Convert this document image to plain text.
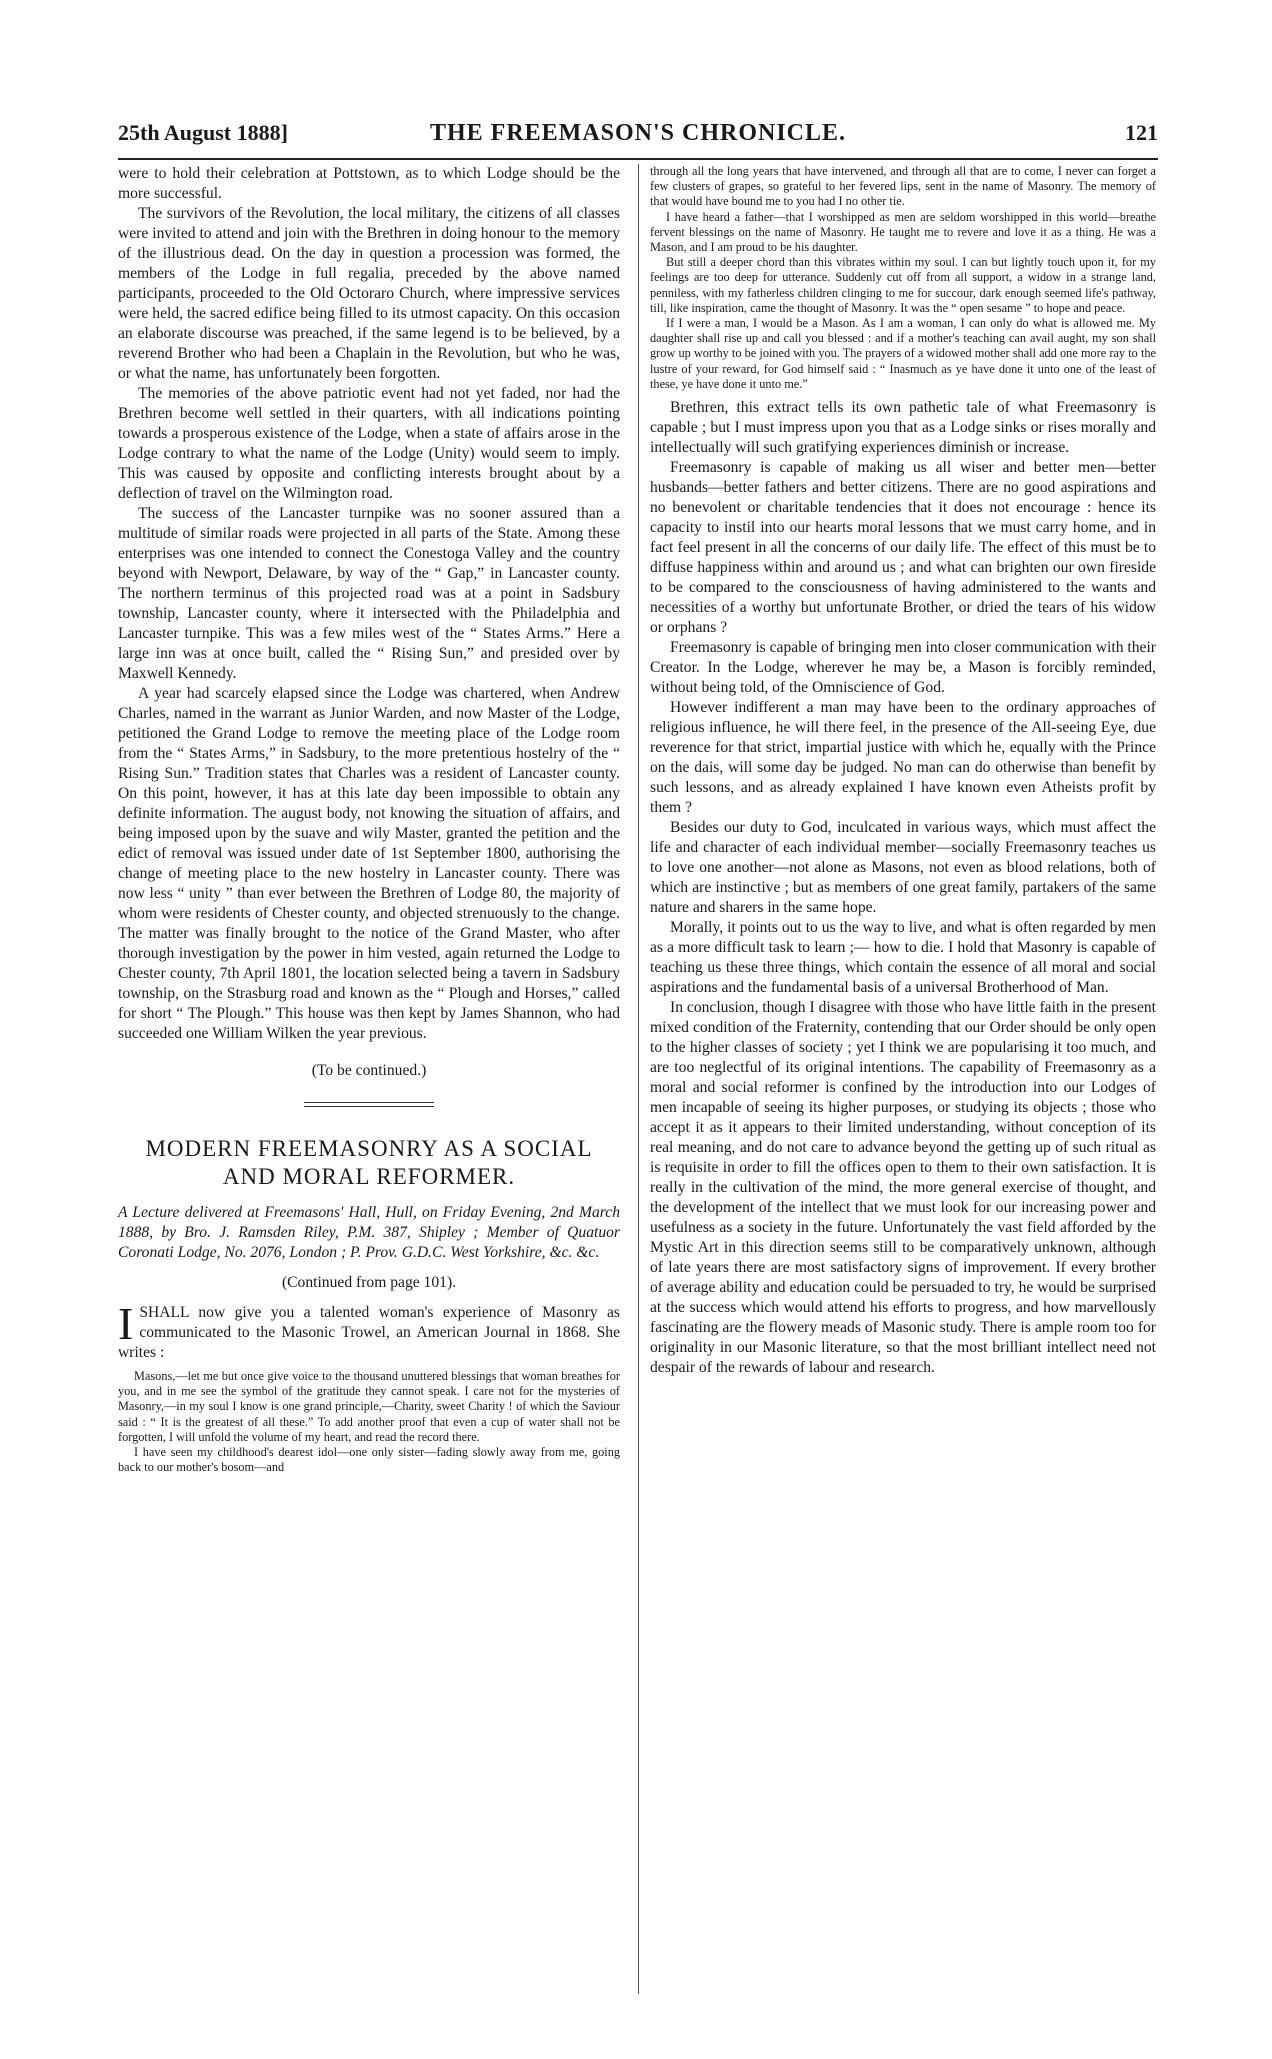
25th August 1888]	THE FREEMASON'S CHRONICLE.	121

were to hold their celebration at Pottstown, as to which Lodge should be the more successful.

The survivors of the Revolution, the local military, the citizens of all classes were invited to attend and join with the Brethren in doing honour to the memory of the illustrious dead. On the day in question a procession was formed, the members of the Lodge in full regalia, preceded by the above named participants, proceeded to the Old Octoraro Church, where impressive services were held, the sacred edifice being filled to its utmost capacity. On this occasion an elaborate discourse was preached, if the same legend is to be believed, by a reverend Brother who had been a Chaplain in the Revolution, but who he was, or what the name, has unfortunately been forgotten.

The memories of the above patriotic event had not yet faded, nor had the Brethren become well settled in their quarters, with all indications pointing towards a prosperous existence of the Lodge, when a state of affairs arose in the Lodge contrary to what the name of the Lodge (Unity) would seem to imply. This was caused by opposite and conflicting interests brought about by a deflection of travel on the Wilmington road.

The success of the Lancaster turnpike was no sooner assured than a multitude of similar roads were projected in all parts of the State. Among these enterprises was one intended to connect the Conestoga Valley and the country beyond with Newport, Delaware, by way of the “ Gap,” in Lancaster county. The northern terminus of this projected road was at a point in Sadsbury township, Lancaster county, where it intersected with the Philadelphia and Lancaster turnpike. This was a few miles west of the “ States Arms.” Here a large inn was at once built, called the “ Rising Sun,” and presided over by Maxwell Kennedy.

A year had scarcely elapsed since the Lodge was chartered, when Andrew Charles, named in the warrant as Junior Warden, and now Master of the Lodge, petitioned the Grand Lodge to remove the meeting place of the Lodge room from the “ States Arms,” in Sadsbury, to the more pretentious hostelry of the “ Rising Sun.” Tradition states that Charles was a resident of Lancaster county. On this point, however, it has at this late day been impossible to obtain any definite information. The august body, not knowing the situation of affairs, and being imposed upon by the suave and wily Master, granted the petition and the edict of removal was issued under date of 1st September 1800, authorising the change of meeting place to the new hostelry in Lancaster county. There was now less “ unity ” than ever between the Brethren of Lodge 80, the majority of whom were residents of Chester county, and objected strenuously to the change. The matter was finally brought to the notice of the Grand Master, who after thorough investigation by the power in him vested, again returned the Lodge to Chester county, 7th April 1801, the location selected being a tavern in Sadsbury township, on the Strasburg road and known as the “ Plough and Horses,” called for short “ The Plough.” This house was then kept by James Shannon, who had succeeded one William Wilken the year previous.

(To be continued.)
MODERN FREEMASONRY AS A SOCIAL
AND MORAL REFORMER.

A Lecture delivered at Freemasons' Hall, Hull, on Friday Evening, 2nd March 1888, by Bro. J. Ramsden Riley, P.M. 387, Shipley ; Member of Quatuor Coronati Lodge, No. 2076, London ; P. Prov. G.D.C. West Yorkshire, &c. &c.

(Continued from page 101).

ISHALL now give you a talented woman's experience of Masonry as communicated to the Masonic Trowel, an American Journal in 1868. She writes :

Masons,—let me but once give voice to the thousand unuttered blessings that woman breathes for you, and in me see the symbol of the gratitude they cannot speak. I care not for the mysteries of Masonry,—in my soul I know is one grand principle,—Charity, sweet Charity ! of which the Saviour said : “ It is the greatest of all these.” To add another proof that even a cup of water shall not be forgotten, I will unfold the volume of my heart, and read the record there.

I have seen my childhood's dearest idol—one only sister—fading slowly away from me, going back to our mother's bosom—and

through all the long years that have intervened, and through all that are to come, I never can forget a few clusters of grapes, so grateful to her fevered lips, sent in the name of Masonry. The memory of that would have bound me to you had I no other tie.

I have heard a father—that I worshipped as men are seldom worshipped in this world—breathe fervent blessings on the name of Masonry. He taught me to revere and love it as a thing. He was a Mason, and I am proud to be his daughter.

But still a deeper chord than this vibrates within my soul. I can but lightly touch upon it, for my feelings are too deep for utterance. Suddenly cut off from all support, a widow in a strange land, penniless, with my fatherless children clinging to me for succour, dark enough seemed life's pathway, till, like inspiration, came the thought of Masonry. It was the “ open sesame ” to hope and peace.

If I were a man, I would be a Mason. As I am a woman, I can only do what is allowed me. My daughter shall rise up and call you blessed : and if a mother's teaching can avail aught, my son shall grow up worthy to be joined with you. The prayers of a widowed mother shall add one more ray to the lustre of your reward, for God himself said : “ Inasmuch as ye have done it unto one of the least of these, ye have done it unto me.”

Brethren, this extract tells its own pathetic tale of what Freemasonry is capable ; but I must impress upon you that as a Lodge sinks or rises morally and intellectually will such gratifying experiences diminish or increase.

Freemasonry is capable of making us all wiser and better men—better husbands—better fathers and better citizens. There are no good aspirations and no benevolent or charitable tendencies that it does not encourage : hence its capacity to instil into our hearts moral lessons that we must carry home, and in fact feel present in all the concerns of our daily life. The effect of this must be to diffuse happiness within and around us ; and what can brighten our own fireside to be compared to the consciousness of having administered to the wants and necessities of a worthy but unfortunate Brother, or dried the tears of his widow or orphans ?

Freemasonry is capable of bringing men into closer communication with their Creator. In the Lodge, wherever he may be, a Mason is forcibly reminded, without being told, of the Omniscience of God.

However indifferent a man may have been to the ordinary approaches of religious influence, he will there feel, in the presence of the All-seeing Eye, due reverence for that strict, impartial justice with which he, equally with the Prince on the dais, will some day be judged. No man can do otherwise than benefit by such lessons, and as already explained I have known even Atheists profit by them ?

Besides our duty to God, inculcated in various ways, which must affect the life and character of each individual member—socially Freemasonry teaches us to love one another—not alone as Masons, not even as blood relations, both of which are instinctive ; but as members of one great family, partakers of the same nature and sharers in the same hope.

Morally, it points out to us the way to live, and what is often regarded by men as a more difficult task to learn ;— how to die. I hold that Masonry is capable of teaching us these three things, which contain the essence of all moral and social aspirations and the fundamental basis of a universal Brotherhood of Man.

In conclusion, though I disagree with those who have little faith in the present mixed condition of the Fraternity, contending that our Order should be only open to the higher classes of society ; yet I think we are popularising it too much, and are too neglectful of its original intentions. The capability of Freemasonry as a moral and social reformer is confined by the introduction into our Lodges of men incapable of seeing its higher purposes, or studying its objects ; those who accept it as it appears to their limited understanding, without conception of its real meaning, and do not care to advance beyond the getting up of such ritual as is requisite in order to fill the offices open to them to their own satisfaction. It is really in the cultivation of the mind, the more general exercise of thought, and the development of the intellect that we must look for our increasing power and usefulness as a society in the future. Unfortunately the vast field afforded by the Mystic Art in this direction seems still to be comparatively unknown, although of late years there are most satisfactory signs of improvement. If every brother of average ability and education could be persuaded to try, he would be surprised at the success which would attend his efforts to progress, and how marvellously fascinating are the flowery meads of Masonic study. There is ample room too for originality in our Masonic literature, so that the most brilliant intellect need not despair of the rewards of labour and research.
